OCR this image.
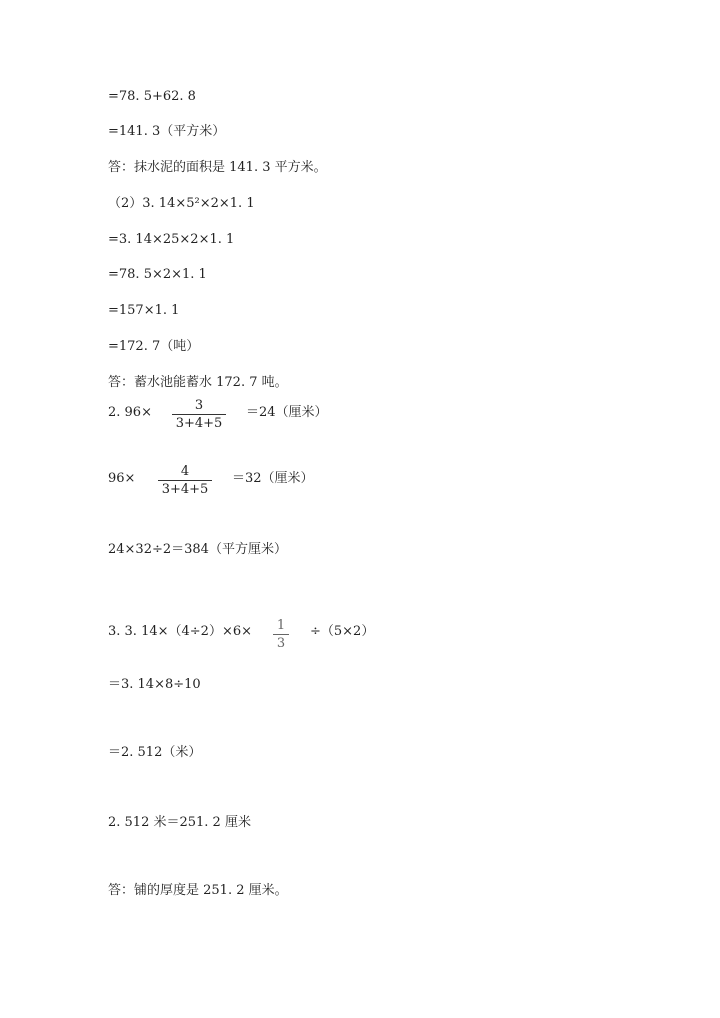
=78. 5+62. 8
=141. 3（平方米）
答：抹水泥的面积是 141. 3 平方米。
（2）3. 14×5²×2×1. 1
=3. 14×25×2×1. 1
=78. 5×2×1. 1
=157×1. 1
=172. 7（吨）
答：蓄水池能蓄水 172. 7 吨。
2. 96×	3
3+4+5
＝24（厘米）
96×	4
3+4+5
＝32（厘米）
24×32÷2＝384（平方厘米）
3. 3. 14×（4÷2）×6× 1
3
÷（5×2）
＝3. 14×8÷10
＝2. 512（米）
2. 512 米＝251. 2 厘米
答：铺的厚度是 251. 2 厘米。
